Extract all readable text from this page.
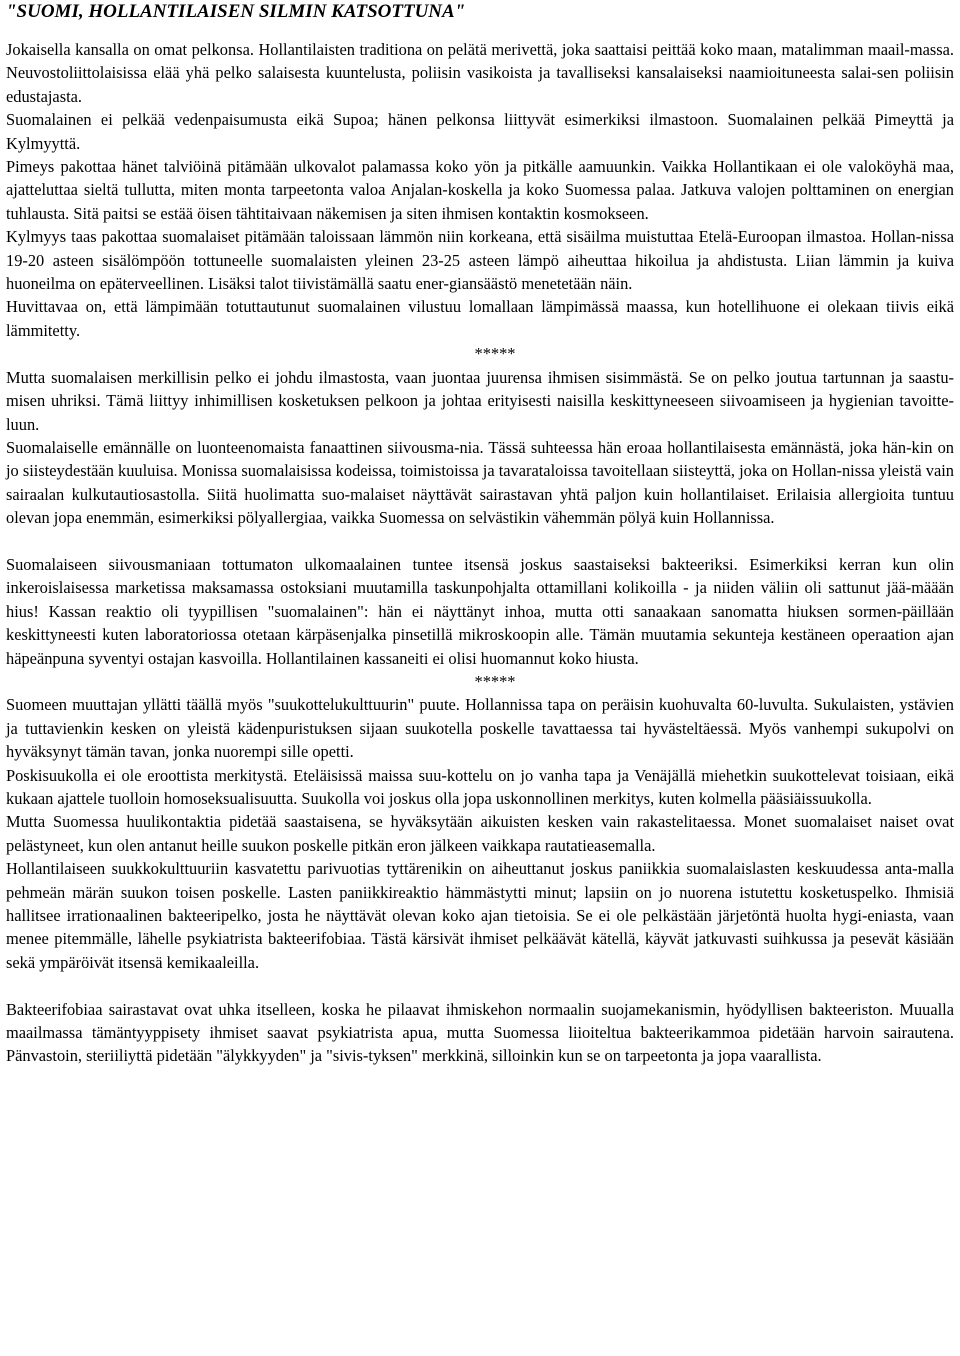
"SUOMI, HOLLANTILAISEN SILMIN KATSOTTUNA"

Jokaisella kansalla on omat pelkonsa. Hollantilaisten traditiona on pelätä merivettä, joka saattaisi peittää koko maan, matalimman maail-massa. Neuvostoliittolaisissa elää yhä pelko salaisesta kuuntelusta, poliisin vasikoista ja tavalliseksi kansalaiseksi naamioituneesta salai-sen poliisin edustajasta.

Suomalainen ei pelkää vedenpaisumusta eikä Supoa; hänen pelkonsa liittyvät esimerkiksi ilmastoon. Suomalainen pelkää Pimeyttä ja Kylmyyttä.

Pimeys pakottaa hänet talviöinä pitämään ulkovalot palamassa koko yön ja pitkälle aamuunkin. Vaikka Hollantikaan ei ole valoköyhä maa, ajatteluttaa sieltä tullutta, miten monta tarpeetonta valoa Anjalan-koskella ja koko Suomessa palaa. Jatkuva valojen polttaminen on energian tuhlausta. Sitä paitsi se estää öisen tähtitaivaan näkemisen ja siten ihmisen kontaktin kosmokseen.

Kylmyys taas pakottaa suomalaiset pitämään taloissaan lämmön niin korkeana, että sisäilma muistuttaa Etelä-Euroopan ilmastoa. Hollan-nissa 19-20 asteen sisälömpöön tottuneelle suomalaisten yleinen 23-25 asteen lämpö aiheuttaa hikoilua ja ahdistusta. Liian lämmin ja kuiva huoneilma on epäterveellinen. Lisäksi talot tiivistämällä saatu ener-giansäästö menetetään näin.

Huvittavaa on, että lämpimään totuttautunut suomalainen vilustuu lomallaan lämpimässä maassa, kun hotellihuone ei olekaan tiivis eikä lämmitetty.

*****

Mutta suomalaisen merkillisin pelko ei johdu ilmastosta, vaan juontaa juurensa ihmisen sisimmästä. Se on pelko joutua tartunnan ja saastu-misen uhriksi. Tämä liittyy inhimillisen kosketuksen pelkoon ja johtaa erityisesti naisilla keskittyneeseen siivoamiseen ja hygienian tavoitte-luun.

Suomalaiselle emännälle on luonteenomaista fanaattinen siivousma-nia. Tässä suhteessa hän eroaa hollantilaisesta emännästä, joka hän-kin on jo siisteydestään kuuluisa. Monissa suomalaisissa kodeissa, toimistoissa ja tavarataloissa tavoitellaan siisteyttä, joka on Hollan-nissa yleistä vain sairaalan kulkutautiosastolla. Siitä huolimatta suo-malaiset näyttävät sairastavan yhtä paljon kuin hollantilaiset. Erilaisia allergioita tuntuu olevan jopa enemmän, esimerkiksi pölyallergiaa, vaikka Suomessa on selvästikin vähemmän pölyä kuin Hollannissa.

Suomalaiseen siivousmaniaan tottumaton ulkomaalainen tuntee itsensä joskus saastaiseksi bakteeriksi. Esimerkiksi kerran kun olin inkeroislaisessa marketissa maksamassa ostoksiani muutamilla taskunpohjalta ottamillani kolikoilla - ja niiden väliin oli sattunut jää-määän hius! Kassan reaktio oli tyypillisen "suomalainen": hän ei näyttänyt inhoa, mutta otti sanaakaan sanomatta hiuksen sormen-päillään keskittyneesti kuten laboratoriossa otetaan kärpäsenjalka pinsetillä mikroskoopin alle. Tämän muutamia sekunteja kestäneen operaation ajan häpeänpuna syventyi ostajan kasvoilla. Hollantilainen kassaneiti ei olisi huomannut koko hiusta.

*****

Suomeen muuttajan yllätti täällä myös "suukottelukulttuurin" puute. Hollannissa tapa on peräisin kuohuvalta 60-luvulta. Sukulaisten, ystävien ja tuttavienkin kesken on yleistä kädenpuristuksen sijaan suukotella poskelle tavattaessa tai hyvästeltäessä. Myös vanhempi sukupolvi on hyväksynyt tämän tavan, jonka nuorempi sille opetti.

Poskisuukolla ei ole eroottista merkitystä. Eteläisissä maissa suu-kottelu on jo vanha tapa ja Venäjällä miehetkin suukottelevat toisiaan, eikä kukaan ajattele tuolloin homoseksualisuutta. Suukolla voi joskus olla jopa uskonnollinen merkitys, kuten kolmella pääsiäissuukolla.

Mutta Suomessa huulikontaktia pidetää saastaisena, se hyväksytään aikuisten kesken vain rakastelitaessa. Monet suomalaiset naiset ovat pelästyneet, kun olen antanut heille suukon poskelle pitkän eron jälkeen vaikkapa rautatieasemalla.

Hollantilaiseen suukkokulttuuriin kasvatettu parivuotias tyttärenikin on aiheuttanut joskus paniikkia suomalaislasten keskuudessa anta-malla pehmeän märän suukon toisen poskelle. Lasten paniikkireaktio hämmästytti minut; lapsiin on jo nuorena istutettu kosketuspelko. Ihmisiä hallitsee irrationaalinen bakteeripelko, josta he näyttävät olevan koko ajan tietoisia. Se ei ole pelkästään järjetöntä huolta hygi-eniasta, vaan menee pitemmälle, lähelle psykiatrista bakteerifobiaa. Tästä kärsivät ihmiset pelkäävät kätellä, käyvät jatkuvasti suihkussa ja pesevät käsiään sekä ympäröivät itsensä kemikaaleilla.

Bakteerifobiaa sairastavat ovat uhka itselleen, koska he pilaavat ihmiskehon normaalin suojamekanismin, hyödyllisen bakteeriston. Muualla maailmassa tämäntyyppisety ihmiset saavat psykiatrista apua, mutta Suomessa liioiteltua bakteerikammoa pidetään harvoin sairautena. Pänvastoin, steriiliyttä pidetään "älykkyyden" ja "sivis-tyksen" merkkinä, silloinkin kun se on tarpeetonta ja jopa vaarallista.
